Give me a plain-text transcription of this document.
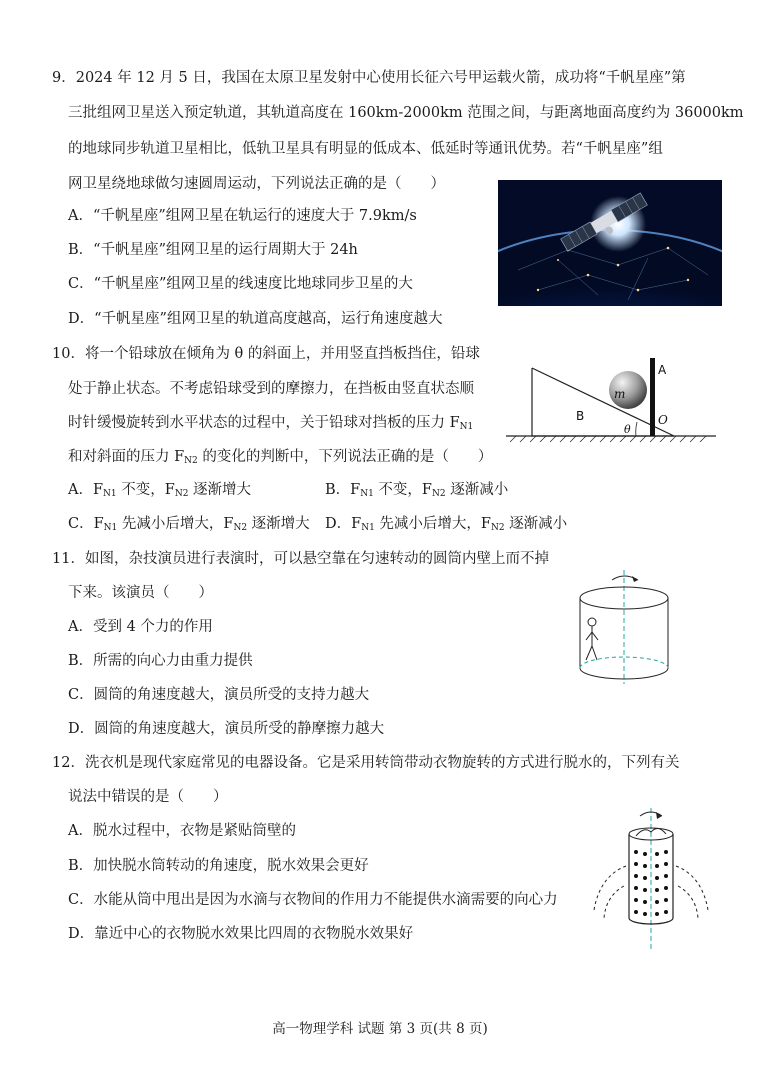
9．2024 年 12 月 5 日，我国在太原卫星发射中心使用长征六号甲运载火箭，成功将“千帆星座”第
三批组网卫星送入预定轨道，其轨道高度在 160km-2000km 范围之间，与距离地面高度约为 36000km
的地球同步轨道卫星相比，低轨卫星具有明显的低成本、低延时等通讯优势。若“千帆星座”组
网卫星绕地球做匀速圆周运动，下列说法正确的是（　　）
A．“千帆星座”组网卫星在轨运行的速度大于 7.9km/s
B．“千帆星座”组网卫星的运行周期大于 24h
C．“千帆星座”组网卫星的线速度比地球同步卫星的大
D．“千帆星座”组网卫星的轨道高度越高，运行角速度越大
10．将一个铅球放在倾角为 θ 的斜面上，并用竖直挡板挡住，铅球
处于静止状态。不考虑铅球受到的摩擦力，在挡板由竖直状态顺
时针缓慢旋转到水平状态的过程中，关于铅球对挡板的压力 $F_{N1}$
和对斜面的压力 $F_{N2}$ 的变化的判断中，下列说法正确的是（　　）
A．$F_{N1}$ 不变，$F_{N2}$ 逐渐增大	B．$F_{N1}$ 不变，$F_{N2}$ 逐渐减小
C．$F_{N1}$ 先减小后增大，$F_{N2}$ 逐渐增大 D．$F_{N1}$ 先减小后增大，$F_{N2}$ 逐渐减小
m
A
B	O
θ
11．如图，杂技演员进行表演时，可以悬空靠在匀速转动的圆筒内壁上而不掉
下来。该演员（　　）
A．受到 4 个力的作用
B．所需的向心力由重力提供
C．圆筒的角速度越大，演员所受的支持力越大
D．圆筒的角速度越大，演员所受的静摩擦力越大
12．洗衣机是现代家庭常见的电器设备。它是采用转筒带动衣物旋转的方式进行脱水的，下列有关
说法中错误的是（　　）
A．脱水过程中，衣物是紧贴筒壁的
B．加快脱水筒转动的角速度，脱水效果会更好
C．水能从筒中甩出是因为水滴与衣物间的作用力不能提供水滴需要的向心力
D．靠近中心的衣物脱水效果比四周的衣物脱水效果好
高一物理学科 试题 第 3 页(共 8 页)
